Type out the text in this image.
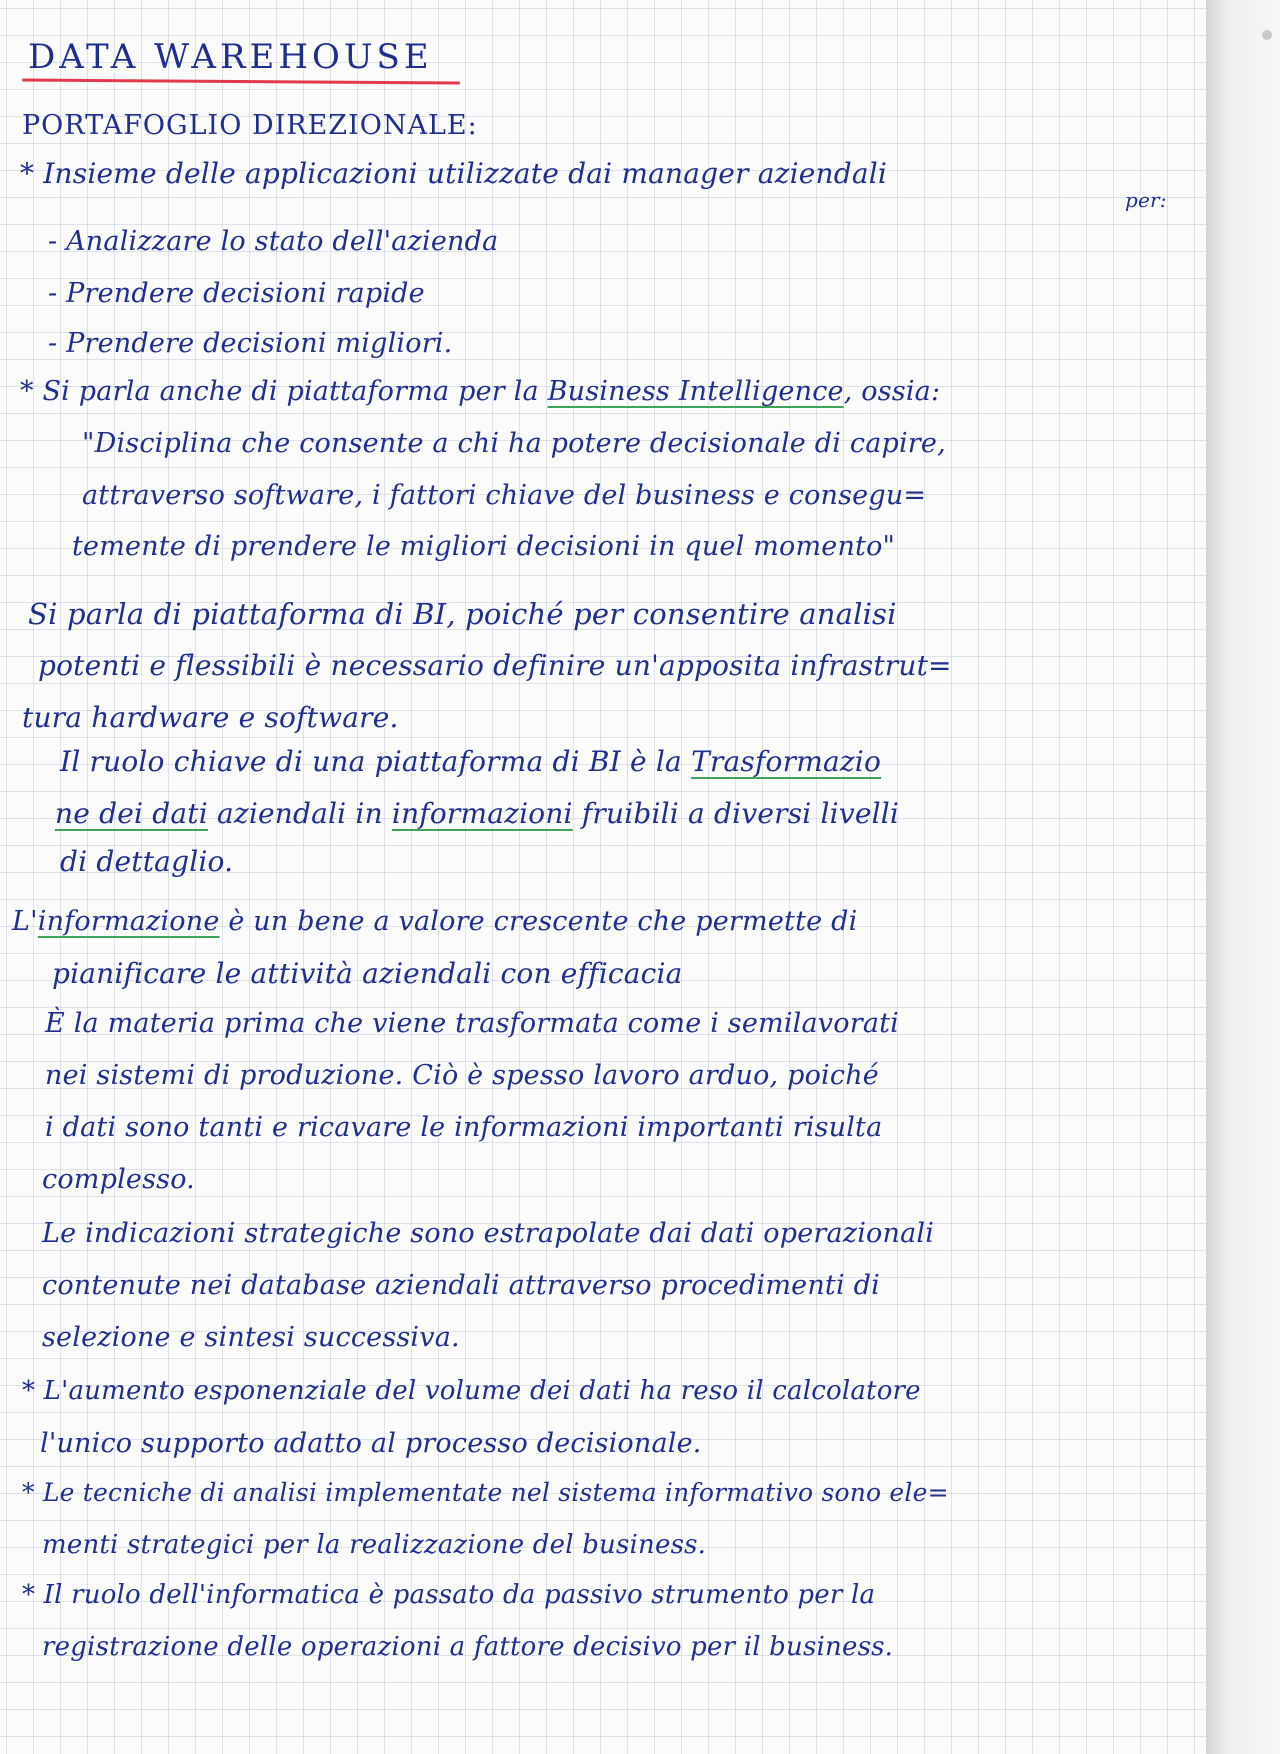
DATA WAREHOUSE
PORTAFOGLIO DIREZIONALE:
* Insieme delle applicazioni utilizzate dai manager aziendali
per:
- Analizzare lo stato dell'azienda
- Prendere decisioni rapide
- Prendere decisioni migliori.
* Si parla anche di piattaforma per la Business Intelligence, ossia:
"Disciplina che consente a chi ha potere decisionale di capire,
attraverso software, i fattori chiave del business e consegu=
temente di prendere le migliori decisioni in quel momento"
Si parla di piattaforma di BI, poiché per consentire analisi
potenti e flessibili è necessario definire un'apposita infrastrut=
tura hardware e software.
Il ruolo chiave di una piattaforma di BI è la Trasformazio
ne dei dati aziendali in informazioni fruibili a diversi livelli
di dettaglio.
L'informazione è un bene a valore crescente che permette di
pianificare le attività aziendali con efficacia
È la materia prima che viene trasformata come i semilavorati
nei sistemi di produzione. Ciò è spesso lavoro arduo, poiché
i dati sono tanti e ricavare le informazioni importanti risulta
complesso.
Le indicazioni strategiche sono estrapolate dai dati operazionali
contenute nei database aziendali attraverso procedimenti di
selezione e sintesi successiva.
* L'aumento esponenziale del volume dei dati ha reso il calcolatore
l'unico supporto adatto al processo decisionale.
* Le tecniche di analisi implementate nel sistema informativo sono ele=
menti strategici per la realizzazione del business.
* Il ruolo dell'informatica è passato da passivo strumento per la
registrazione delle operazioni a fattore decisivo per il business.
